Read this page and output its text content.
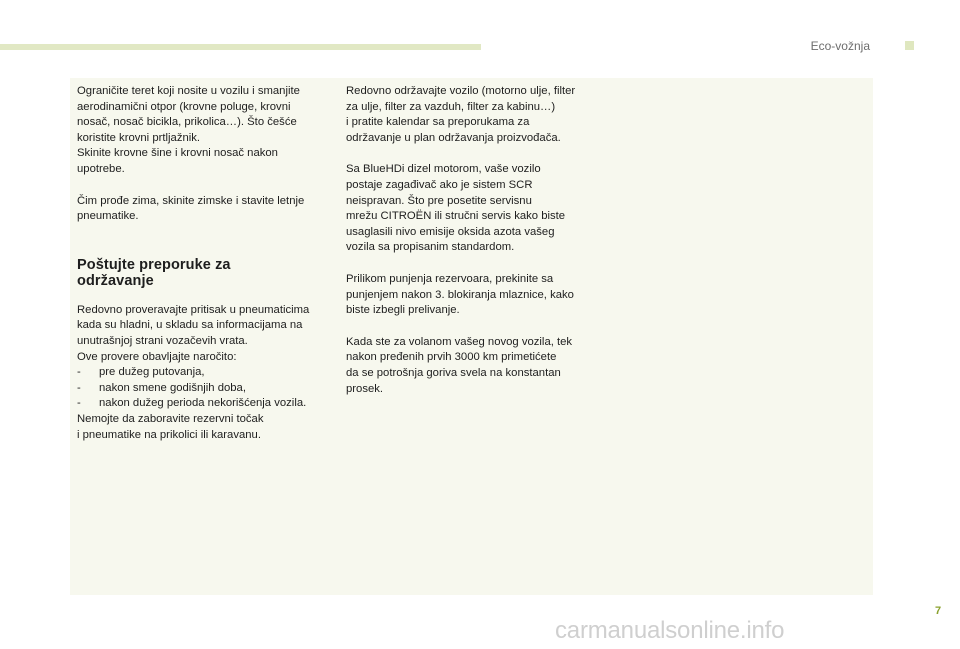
Eco-vožnja

Ograničite teret koji nosite u vozilu i smanjite
aerodinamični otpor (krovne poluge, krovni
nosač, nosač bicikla, prikolica…). Što češće
koristite krovni prtljažnik.
Skinite krovne šine i krovni nosač nakon
upotrebe.

Čim prođe zima, skinite zimske i stavite letnje
pneumatike.

Poštujte preporuke za
održavanje
Redovno proveravajte pritisak u pneumaticima
kada su hladni, u skladu sa informacijama na
unutrašnjoj strani vozačevih vrata.
Ove provere obavljajte naročito:
- pre dužeg putovanja,
- nakon smene godišnjih doba,
- nakon dužeg perioda nekorišćenja vozila.
Nemojte da zaboravite rezervni točak
i pneumatike na prikolici ili karavanu.

Redovno održavajte vozilo (motorno ulje, filter
za ulje, filter za vazduh, filter za kabinu…)
i pratite kalendar sa preporukama za
održavanje u plan održavanja proizvođača.

Sa BlueHDi dizel motorom, vaše vozilo
postaje zagađivač ako je sistem SCR
neispravan. Što pre posetite servisnu
mrežu CITROËN ili stručni servis kako biste
usaglasili nivo emisije oksida azota vašeg
vozila sa propisanim standardom.

Prilikom punjenja rezervoara, prekinite sa
punjenjem nakon 3. blokiranja mlaznice, kako
biste izbegli prelivanje.

Kada ste za volanom vašeg novog vozila, tek
nakon pređenih prvih 3000 km primetićete
da se potrošnja goriva svela na konstantan
prosek.

7
carmanualsonline.info
